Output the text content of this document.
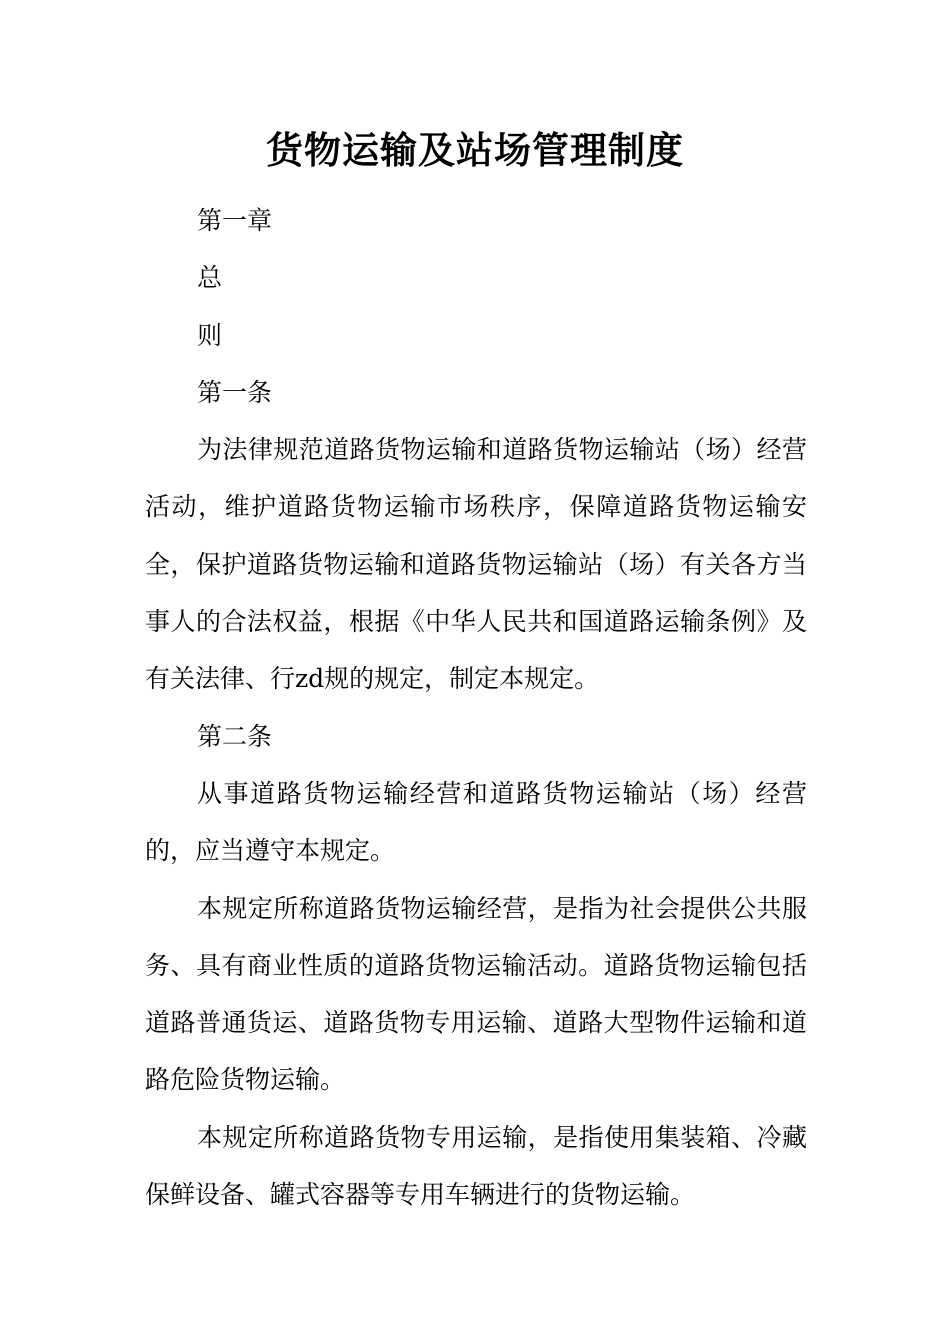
货物运输及站场管理制度

第一章

总

则

第一条

为法律规范道路货物运输和道路货物运输站（场）经营活动，维护道路货物运输市场秩序，保障道路货物运输安全，保护道路货物运输和道路货物运输站（场）有关各方当事人的合法权益，根据《中华人民共和国道路运输条例》及有关法律、行zd规的规定，制定本规定。

第二条

从事道路货物运输经营和道路货物运输站（场）经营的，应当遵守本规定。

本规定所称道路货物运输经营，是指为社会提供公共服务、具有商业性质的道路货物运输活动。道路货物运输包括道路普通货运、道路货物专用运输、道路大型物件运输和道路危险货物运输。

本规定所称道路货物专用运输，是指使用集装箱、冷藏保鲜设备、罐式容器等专用车辆进行的货物运输。
